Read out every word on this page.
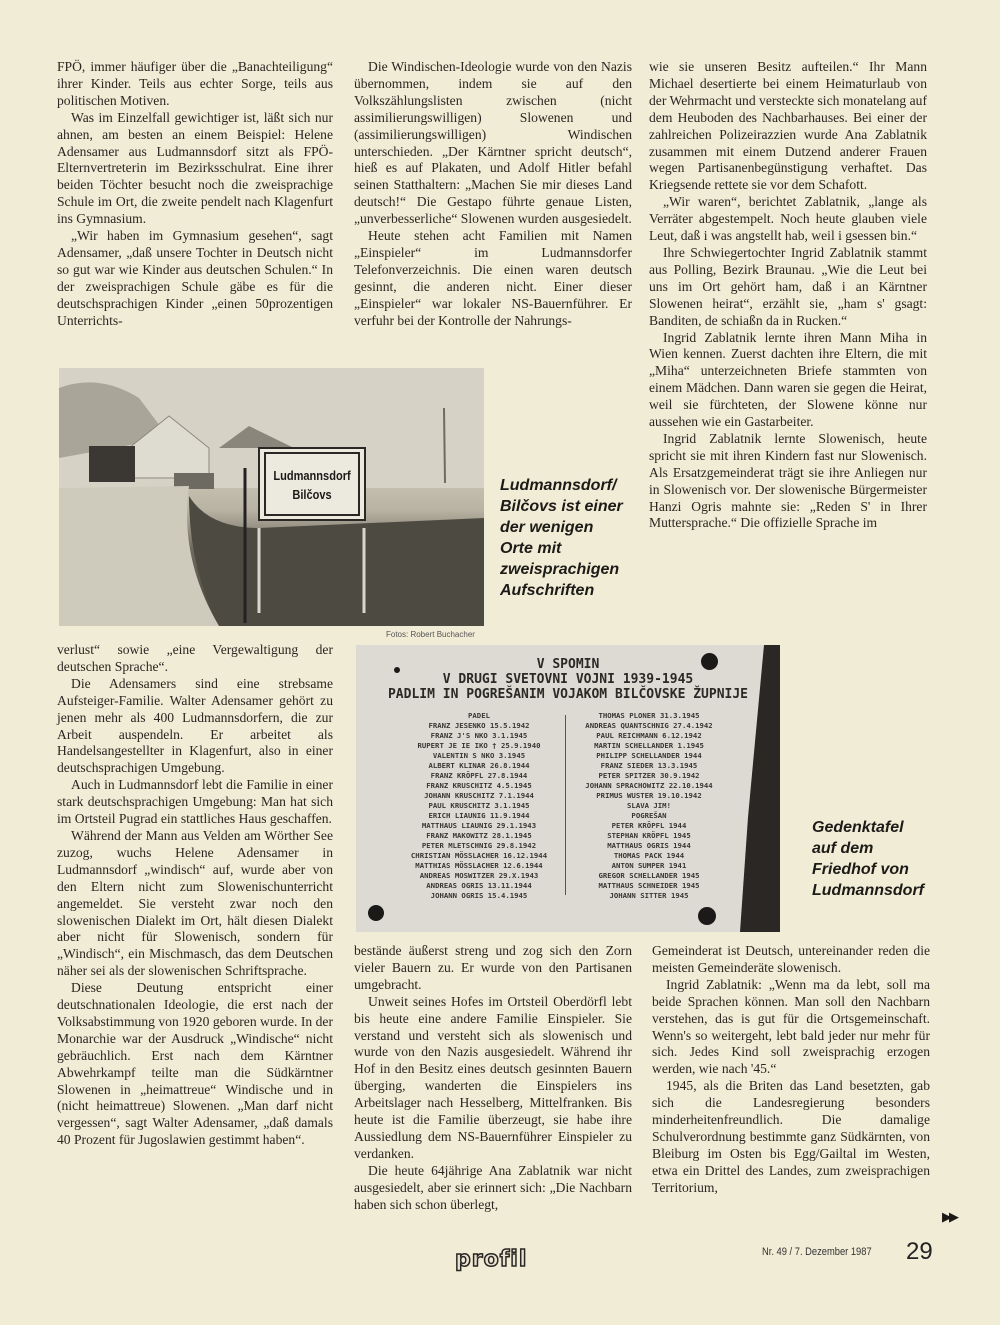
FPÖ, immer häufiger über die „Banachteiligung“ ihrer Kinder. Teils aus echter Sorge, teils aus politischen Motiven.

Was im Einzelfall gewichtiger ist, läßt sich nur ahnen, am besten an einem Beispiel: Helene Adensamer aus Ludmannsdorf sitzt als FPÖ-Elternvertreterin im Bezirksschulrat. Eine ihrer beiden Töchter besucht noch die zweisprachige Schule im Ort, die zweite pendelt nach Klagenfurt ins Gymnasium.

„Wir haben im Gymnasium gesehen“, sagt Adensamer, „daß unsere Tochter in Deutsch nicht so gut war wie Kinder aus deutschen Schulen.“ In der zweisprachigen Schule gäbe es für die deutschsprachigen Kinder „einen 50prozentigen Unterrichts-

Die Windischen-Ideologie wurde von den Nazis übernommen, indem sie auf den Volkszählungslisten zwischen (nicht assimilierungswilligen) Slowenen und (assimilierungswilligen) Windischen unterschieden. „Der Kärntner spricht deutsch“, hieß es auf Plakaten, und Adolf Hitler befahl seinen Statthaltern: „Machen Sie mir dieses Land deutsch!“ Die Gestapo führte genaue Listen, „unverbesserliche“ Slowenen wurden ausgesiedelt.

Heute stehen acht Familien mit Namen „Einspieler“ im Ludmannsdorfer Telefonverzeichnis. Die einen waren deutsch gesinnt, die anderen nicht. Einer dieser „Einspieler“ war lokaler NS-Bauernführer. Er verfuhr bei der Kontrolle der Nahrungs-

wie sie unseren Besitz aufteilen.“ Ihr Mann Michael desertierte bei einem Heimaturlaub von der Wehrmacht und versteckte sich monatelang auf dem Heuboden des Nachbarhauses. Bei einer der zahlreichen Polizeirazzien wurde Ana Zablatnik zusammen mit einem Dutzend anderer Frauen wegen Partisanenbegünstigung verhaftet. Das Kriegsende rettete sie vor dem Schafott.

„Wir waren“, berichtet Zablatnik, „lange als Verräter abgestempelt. Noch heute glauben viele Leut, daß i was angstellt hab, weil i gsessen bin.“

Ihre Schwiegertochter Ingrid Zablatnik stammt aus Polling, Bezirk Braunau. „Wie die Leut bei uns im Ort gehört ham, daß i an Kärntner Slowenen heirat“, erzählt sie, „ham s' gsagt: Banditen, de schiaßn da in Rucken.“

Ingrid Zablatnik lernte ihren Mann Miha in Wien kennen. Zuerst dachten ihre Eltern, die mit „Miha“ unterzeichneten Briefe stammten von einem Mädchen. Dann waren sie gegen die Heirat, weil sie fürchteten, der Slowene könne nur aussehen wie ein Gastarbeiter.

Ingrid Zablatnik lernte Slowenisch, heute spricht sie mit ihren Kindern fast nur Slowenisch. Als Ersatzgemeinderat trägt sie ihre Anliegen nur in Slowenisch vor. Der slowenische Bürgermeister Hanzi Ogris mahnte sie: „Reden S' in Ihrer Muttersprache.“ Die offizielle Sprache im

Ludmannsdorf
Bilčovs
Ludmannsdorf/
Bilčovs ist einer
der wenigen
Orte mit
zweisprachigen
Aufschriften
Fotos: Robert Buchacher

verlust“ sowie „eine Vergewaltigung der deutschen Sprache“.

Die Adensamers sind eine strebsame Aufsteiger-Familie. Walter Adensamer gehört zu jenen mehr als 400 Ludmannsdorfern, die zur Arbeit auspendeln. Er arbeitet als Handelsangestellter in Klagenfurt, also in einer deutschsprachigen Umgebung.

Auch in Ludmannsdorf lebt die Familie in einer stark deutschsprachigen Umgebung: Man hat sich im Ortsteil Pugrad ein stattliches Haus geschaffen.

Während der Mann aus Velden am Wörther See zuzog, wuchs Helene Adensamer in Ludmannsdorf „windisch“ auf, wurde aber von den Eltern nicht zum Slowenischunterricht angemeldet. Sie versteht zwar noch den slowenischen Dialekt im Ort, hält diesen Dialekt aber nicht für Slowenisch, sondern für „Windisch“, ein Mischmasch, das dem Deutschen näher sei als der slowenischen Schriftsprache.

Diese Deutung entspricht einer deutschnationalen Ideologie, die erst nach der Volksabstimmung von 1920 geboren wurde. In der Monarchie war der Ausdruck „Windische“ nicht gebräuchlich. Erst nach dem Kärntner Abwehrkampf teilte man die Südkärntner Slowenen in „heimattreue“ Windische und in (nicht heimattreue) Slowenen. „Man darf nicht vergessen“, sagt Walter Adensamer, „daß damals 40 Prozent für Jugoslawien gestimmt haben“.

V SPOMIN
V DRUGI SVETOVNI VOJNI 1939-1945
PADLIM IN POGREŠANIM VOJAKOM BILČOVSKE ŽUPNIJE
PADEL
FRANZ JESENKO 15.5.1942
FRANZ J'S NKO 3.1.1945
RUPERT JE IE IKO † 25.9.1940
VALENTIN S NKO 3.1945
ALBERT KLINAR 26.8.1944
FRANZ KRÖPFL 27.8.1944
FRANZ KRUSCHITZ 4.5.1945
JOHANN KRUSCHITZ 7.1.1944
PAUL KRUSCHITZ 3.1.1945
ERICH LIAUNIG 11.9.1944
MATTHAUS LIAUNIG 29.1.1943
FRANZ MAKOWITZ 28.1.1945
PETER MLETSCHNIG 29.8.1942
CHRISTIAN MÖSSLACHER 16.12.1944
MATTHIAS MÖSSLACHER 12.6.1944
ANDREAS MOSWITZER 29.X.1943
ANDREAS OGRIS 13.11.1944
JOHANN OGRIS 15.4.1945
THOMAS PLONER 31.3.1945
ANDREAS QUANTSCHNIG 27.4.1942
PAUL REICHMANN 6.12.1942
MARTIN SCHELLANDER 1.1945
PHILIPP SCHELLANDER 1944
FRANZ SIEDER 13.3.1945
PETER SPITZER 30.9.1942
JOHANN SPRACHOWITZ 22.10.1944
PRIMUS WUSTER 19.10.1942
SLAVA JIM!
POGREŠAN
PETER KRÖPFL 1944
STEPHAN KRÖPFL 1945
MATTHAUS OGRIS 1944
THOMAS PACK 1944
ANTON SUMPER 1941
GREGOR SCHELLANDER 1945
MATTHAUS SCHNEIDER 1945
JOHANN SITTER 1945
Gedenktafel
auf dem
Friedhof von
Ludmannsdorf

bestände äußerst streng und zog sich den Zorn vieler Bauern zu. Er wurde von den Partisanen umgebracht.

Unweit seines Hofes im Ortsteil Oberdörfl lebt bis heute eine andere Familie Einspieler. Sie verstand und versteht sich als slowenisch und wurde von den Nazis ausgesiedelt. Während ihr Hof in den Besitz eines deutsch gesinnten Bauern überging, wanderten die Einspielers ins Arbeitslager nach Hesselberg, Mittelfranken. Bis heute ist die Familie überzeugt, sie habe ihre Aussiedlung dem NS-Bauernführer Einspieler zu verdanken.

Die heute 64jährige Ana Zablatnik war nicht ausgesiedelt, aber sie erinnert sich: „Die Nachbarn haben sich schon überlegt,

Gemeinderat ist Deutsch, untereinander reden die meisten Gemeinderäte slowenisch.

Ingrid Zablatnik: „Wenn ma da lebt, soll ma beide Sprachen können. Man soll den Nachbarn verstehen, das is gut für die Ortsgemeinschaft. Wenn's so weitergeht, lebt bald jeder nur mehr für sich. Jedes Kind soll zweisprachig erzogen werden, wie nach '45.“

1945, als die Briten das Land besetzten, gab sich die Landesregierung besonders minderheitenfreundlich. Die damalige Schulverordnung bestimmte ganz Südkärnten, von Bleiburg im Osten bis Egg/Gailtal im Westen, etwa ein Drittel des Landes, zum zweisprachigen Territorium,

▶▶
profil	Nr. 49 / 7. Dezember 1987 29
